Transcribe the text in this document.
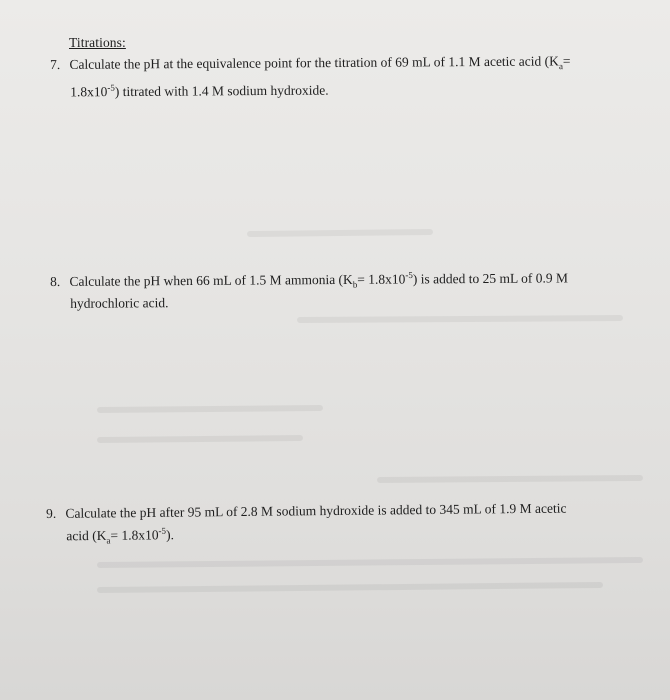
Titrations:
7. Calculate the pH at the equivalence point for the titration of 69 mL of 1.1 M acetic acid ($K_a=$
$1.8x10^{-5}$) titrated with 1.4 M sodium hydroxide.
8. Calculate the pH when 66 mL of 1.5 M ammonia $(K_b= 1.8x10^{-5})$ is added to 25 mL of 0.9 M
hydrochloric acid.
9. Calculate the pH after 95 mL of 2.8 M sodium hydroxide is added to 345 mL of 1.9 M acetic
acid $(K_a= 1.8x10^{-5})$.
